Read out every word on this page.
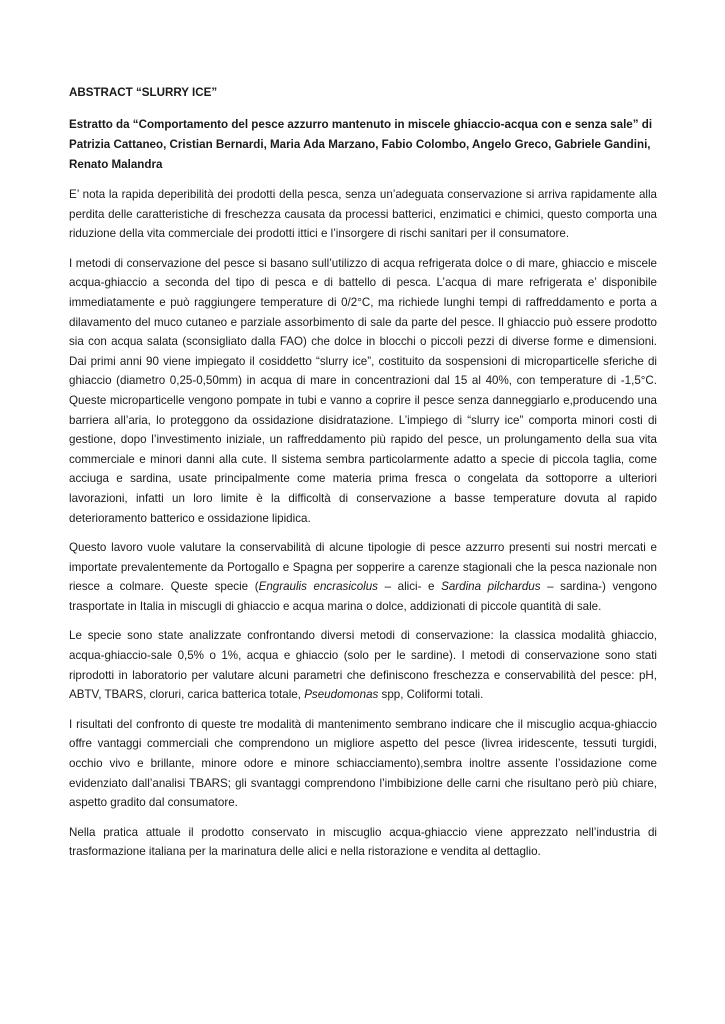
ABSTRACT “SLURRY ICE”
Estratto da “Comportamento del pesce azzurro mantenuto in miscele ghiaccio-acqua con e senza sale” di Patrizia Cattaneo, Cristian Bernardi, Maria Ada Marzano, Fabio Colombo, Angelo Greco, Gabriele Gandini, Renato Malandra

E’ nota la rapida deperibilità dei prodotti della pesca, senza un’adeguata conservazione si arriva rapidamente alla perdita delle caratteristiche di freschezza causata da processi batterici, enzimatici e chimici, questo comporta una riduzione della vita commerciale dei prodotti ittici e l’insorgere di rischi sanitari per il consumatore.

I metodi di conservazione del pesce si basano sull’utilizzo di acqua refrigerata dolce o di mare, ghiaccio e miscele acqua-ghiaccio a seconda del tipo di pesca e di battello di pesca. L’acqua di mare refrigerata e’ disponibile immediatamente e può raggiungere temperature di 0/2°C, ma richiede lunghi tempi di raffreddamento e porta a dilavamento del muco cutaneo e parziale assorbimento di sale da parte del pesce. Il ghiaccio può essere prodotto sia con acqua salata (sconsigliato dalla FAO) che dolce in blocchi o piccoli pezzi di diverse forme e dimensioni. Dai primi anni 90 viene impiegato il cosiddetto “slurry ice”, costituito da sospensioni di microparticelle sferiche di ghiaccio (diametro 0,25-0,50mm) in acqua di mare in concentrazioni dal 15 al 40%, con temperature di -1,5°C. Queste microparticelle vengono pompate in tubi e vanno a coprire il pesce senza danneggiarlo e,producendo una barriera all’aria, lo proteggono da ossidazione disidratazione. L’impiego di “slurry ice” comporta minori costi di gestione, dopo l’investimento iniziale, un raffreddamento più rapido del pesce, un prolungamento della sua vita commerciale e minori danni alla cute. Il sistema sembra particolarmente adatto a specie di piccola taglia, come acciuga e sardina, usate principalmente come materia prima fresca o congelata da sottoporre a ulteriori lavorazioni, infatti un loro limite è la difficoltà di conservazione a basse temperature dovuta al rapido deterioramento batterico e ossidazione lipidica.

Questo lavoro vuole valutare la conservabilità di alcune tipologie di pesce azzurro presenti sui nostri mercati e importate prevalentemente da Portogallo e Spagna per sopperire a carenze stagionali che la pesca nazionale non riesce a colmare. Queste specie (Engraulis encrasicolus – alici- e Sardina pilchardus – sardina-) vengono trasportate in Italia in miscugli di ghiaccio e acqua marina o dolce, addizionati di piccole quantità di sale.

Le specie sono state analizzate confrontando diversi metodi di conservazione: la classica modalità ghiaccio, acqua-ghiaccio-sale 0,5% o 1%, acqua e ghiaccio (solo per le sardine). I metodi di conservazione sono stati riprodotti in laboratorio per valutare alcuni parametri che definiscono freschezza e conservabilità del pesce: pH, ABTV, TBARS, cloruri, carica batterica totale, Pseudomonas spp, Coliformi totali.

I risultati del confronto di queste tre modalità di mantenimento sembrano indicare che il miscuglio acqua-ghiaccio offre vantaggi commerciali che comprendono un migliore aspetto del pesce (livrea iridescente, tessuti turgidi, occhio vivo e brillante, minore odore e minore schiacciamento),sembra inoltre assente l’ossidazione come evidenziato dall’analisi TBARS; gli svantaggi comprendono l’imbibizione delle carni che risultano però più chiare, aspetto gradito dal consumatore.

Nella pratica attuale il prodotto conservato in miscuglio acqua-ghiaccio viene apprezzato nell’industria di trasformazione italiana per la marinatura delle alici e nella ristorazione e vendita al dettaglio.
